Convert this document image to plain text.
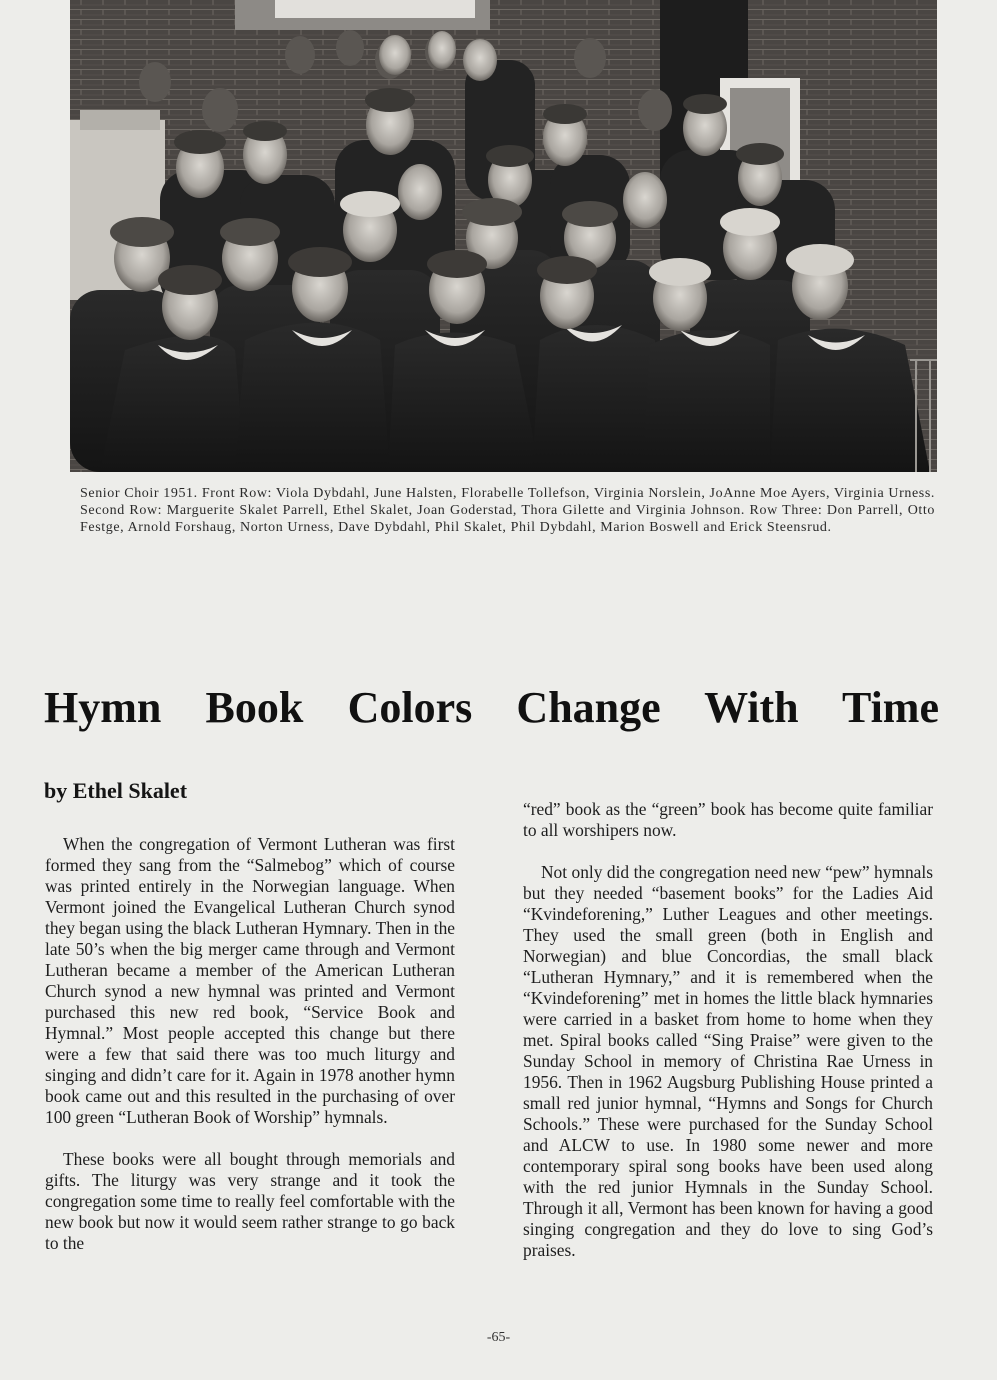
Senior Choir 1951. Front Row: Viola Dybdahl, June Halsten, Florabelle Tollefson, Virginia Norslein, JoAnne Moe Ayers, Virginia Urness. Second Row: Marguerite Skalet Parrell, Ethel Skalet, Joan Goderstad, Thora Gilette and Virginia Johnson. Row Three: Don Parrell, Otto Festge, Arnold Forshaug, Norton Urness, Dave Dybdahl, Phil Skalet, Phil Dybdahl, Marion Boswell and Erick Steensrud.
Hymn Book Colors Change With Time
by Ethel Skalet

When the congregation of Vermont Lutheran was first formed they sang from the “Salmebog” which of course was printed entirely in the Norwegian language. When Vermont joined the Evangelical Lutheran Church synod they began using the black Lutheran Hymnary. Then in the late 50’s when the big merger came through and Vermont Lutheran became a member of the American Lutheran Church synod a new hymnal was printed and Vermont purchased this new red book, “Service Book and Hymnal.” Most people accepted this change but there were a few that said there was too much liturgy and singing and didn’t care for it. Again in 1978 another hymn book came out and this resulted in the purchasing of over 100 green “Lutheran Book of Worship” hymnals.

These books were all bought through memorials and gifts. The liturgy was very strange and it took the congregation some time to really feel comfortable with the new book but now it would seem rather strange to go back to the

“red” book as the “green” book has become quite familiar to all worshipers now.

Not only did the congregation need new “pew” hymnals but they needed “basement books” for the Ladies Aid “Kvindeforening,” Luther Leagues and other meetings. They used the small green (both in English and Norwegian) and blue Concordias, the small black “Lutheran Hymnary,” and it is remembered when the “Kvindeforening” met in homes the little black hymnaries were carried in a basket from home to home when they met. Spiral books called “Sing Praise” were given to the Sunday School in memory of Christina Rae Urness in 1956. Then in 1962 Augsburg Publishing House printed a small red junior hymnal, “Hymns and Songs for Church Schools.” These were purchased for the Sunday School and ALCW to use. In 1980 some newer and more contemporary spiral song books have been used along with the red junior Hymnals in the Sunday School. Through it all, Vermont has been known for having a good singing congregation and they do love to sing God’s praises.

-65-
